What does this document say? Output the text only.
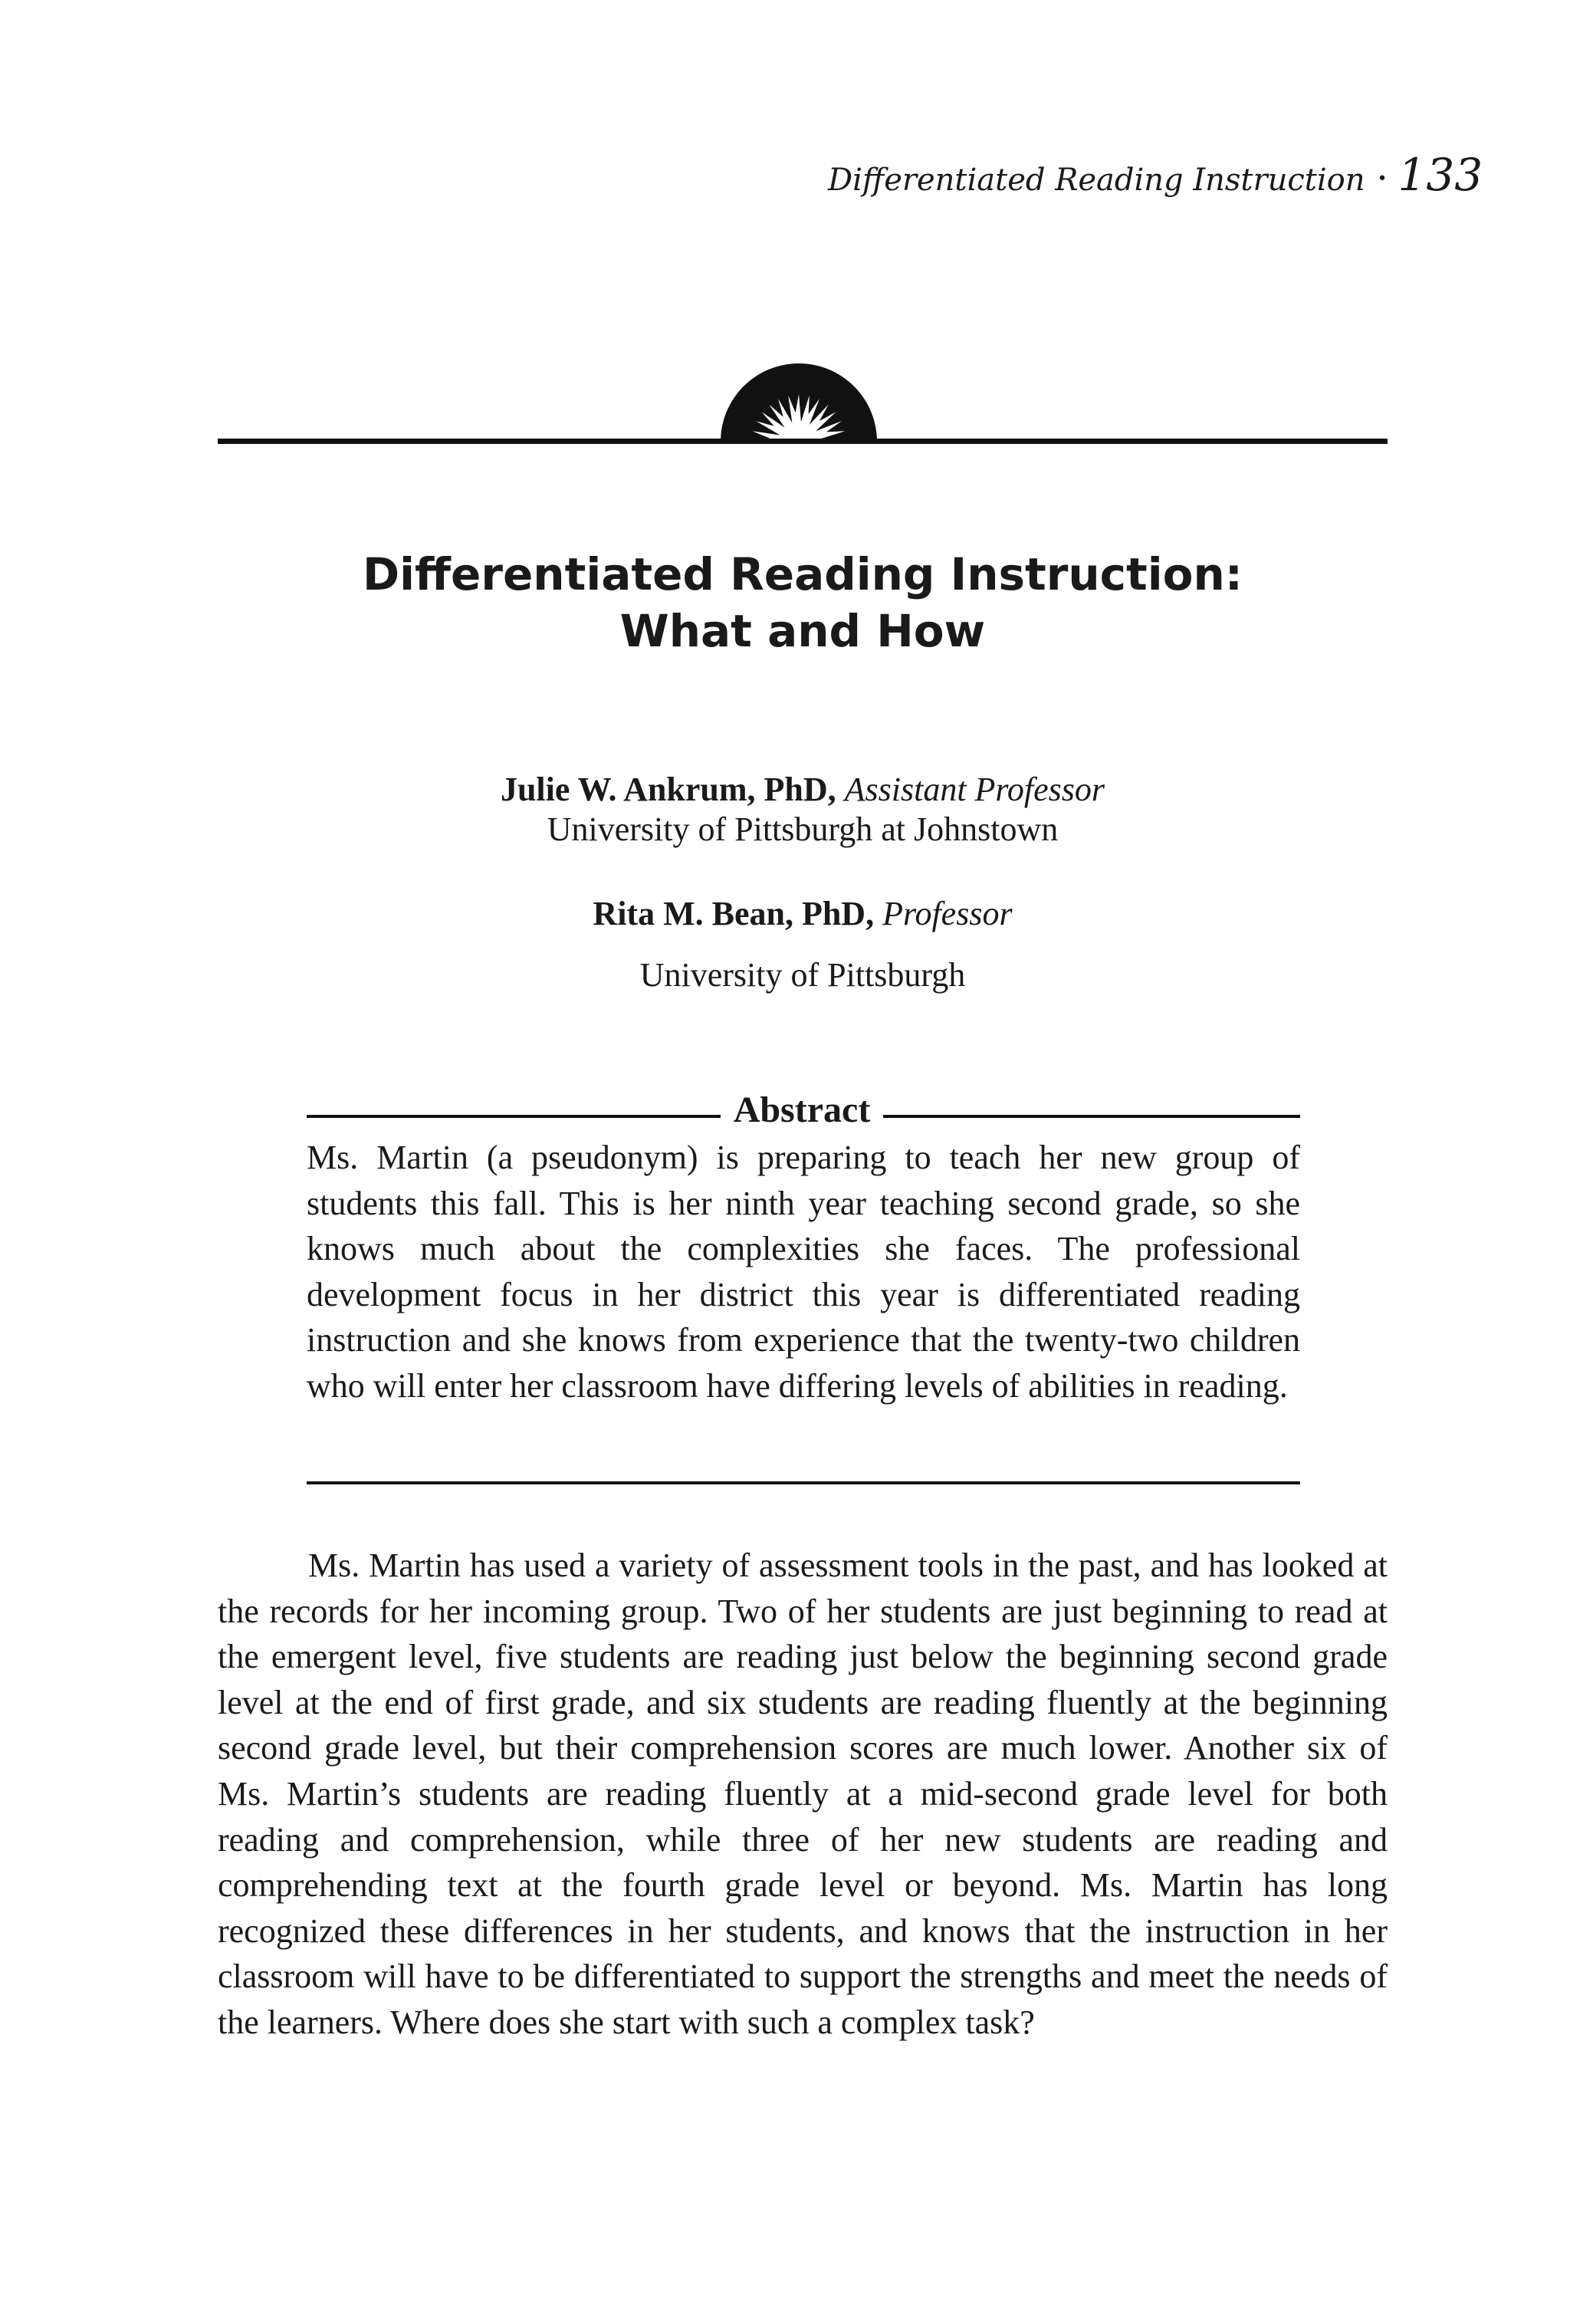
Differentiated Reading Instruction • 133
Differentiated Reading Instruction:
What and How
Julie W. Ankrum, PhD, Assistant Professor
University of Pittsburgh at Johnstown
Rita M. Bean, PhD, Professor
University of Pittsburgh
Abstract
Ms. Martin (a pseudonym) is preparing to teach her new group of students this fall. This is her ninth year teaching second grade, so she knows much about the complexities she faces. The professional development focus in her district this year is differentiated reading instruction and she knows from experience that the twenty-two children who will enter her classroom have differing levels of abilities in reading.

Ms. Martin has used a variety of assessment tools in the past, and has looked at the records for her incoming group. Two of her students are just beginning to read at the emergent level, five students are reading just below the beginning second grade level at the end of first grade, and six students are reading fluently at the beginning second grade level, but their comprehension scores are much lower. Another six of Ms. Martin’s students are reading fluently at a mid-second grade level for both reading and comprehension, while three of her new students are reading and comprehending text at the fourth grade level or beyond. Ms. Martin has long recognized these differences in her students, and knows that the instruction in her classroom will have to be differentiated to support the strengths and meet the needs of the learners. Where does she start with such a complex task?
